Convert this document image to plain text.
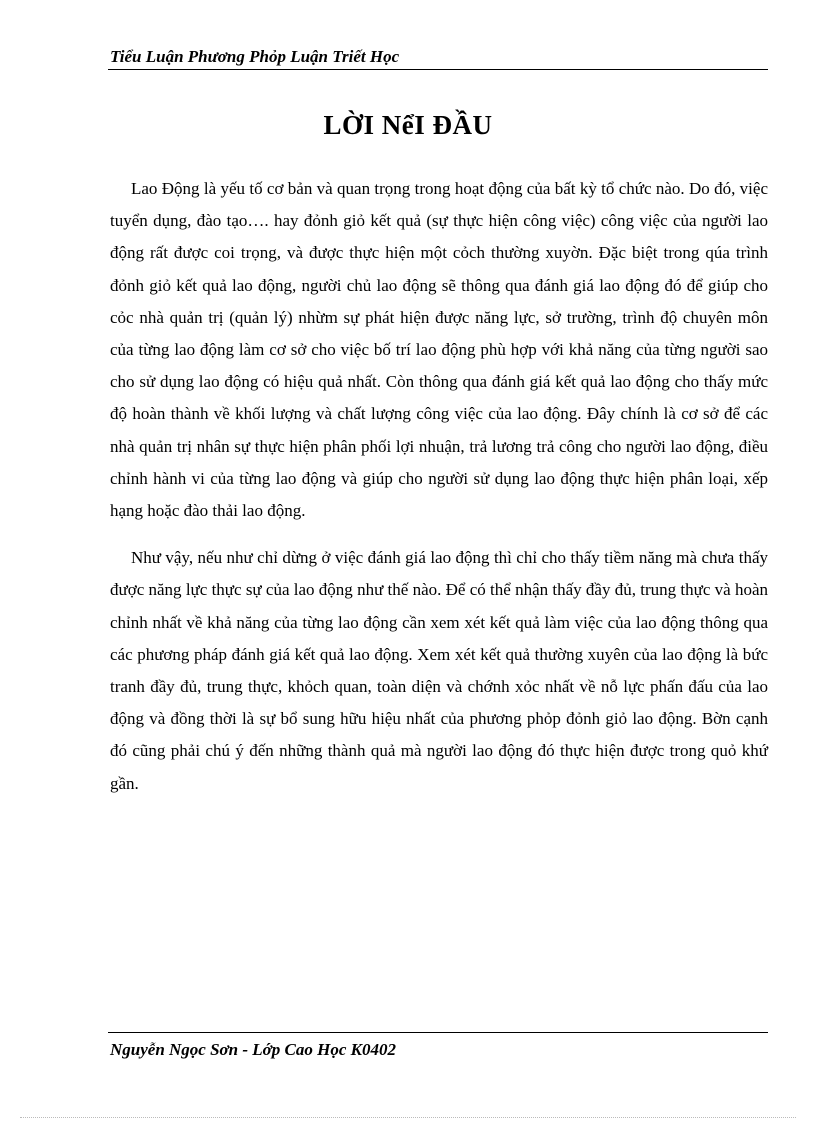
Tiểu Luận Phương Phỏp Luận Triết Học
LỜI NểI ĐẦU

Lao Động là yếu tố cơ bản và quan trọng trong hoạt động của bất kỳ tổ chức nào. Do đó, việc tuyển dụng, đào tạo…. hay đỏnh giỏ kết quả (sự thực hiện công việc) công việc của người lao động rất được coi trọng, và được thực hiện một cỏch thường xuyờn. Đặc biệt trong qúa trình đỏnh giỏ kết quả lao động, người chủ lao động sẽ thông qua đánh giá lao động đó để giúp cho cỏc nhà quản trị (quản lý) nhừm sự phát hiện được năng lực, sở trường, trình độ chuyên môn của từng lao động làm cơ sở cho việc bố trí lao động phù hợp với khả năng của từng người sao cho sử dụng lao động có hiệu quả nhất. Còn thông qua đánh giá kết quả lao động cho thấy mức độ hoàn thành về khối lượng và chất lượng công việc của lao động. Đây chính là cơ sở để các nhà quản trị nhân sự thực hiện phân phối lợi nhuận, trả lương trả công cho người lao động, điều chỉnh hành vi của từng lao động và giúp cho người sử dụng lao động thực hiện phân loại, xếp hạng hoặc đào thải lao động.

Như vậy, nếu như chỉ dừng ở việc đánh giá lao động thì chỉ cho thấy tiềm năng mà chưa thấy được năng lực thực sự của lao động như thế nào. Để có thể nhận thấy đầy đủ, trung thực và hoàn chỉnh nhất về khả năng của từng lao động cần xem xét kết quả làm việc của lao động thông qua các phương pháp đánh giá kết quả lao động. Xem xét kết quả thường xuyên của lao động là bức tranh đầy đủ, trung thực, khỏch quan, toàn diện và chớnh xỏc nhất về nỗ lực phấn đấu của lao động và đồng thời là sự bổ sung hữu hiệu nhất của phương phỏp đỏnh giỏ lao động. Bờn cạnh đó cũng phải chú ý đến những thành quả mà người lao động đó thực hiện được trong quỏ khứ gần.

Nguyễn Ngọc Sơn - Lớp Cao Học K0402
